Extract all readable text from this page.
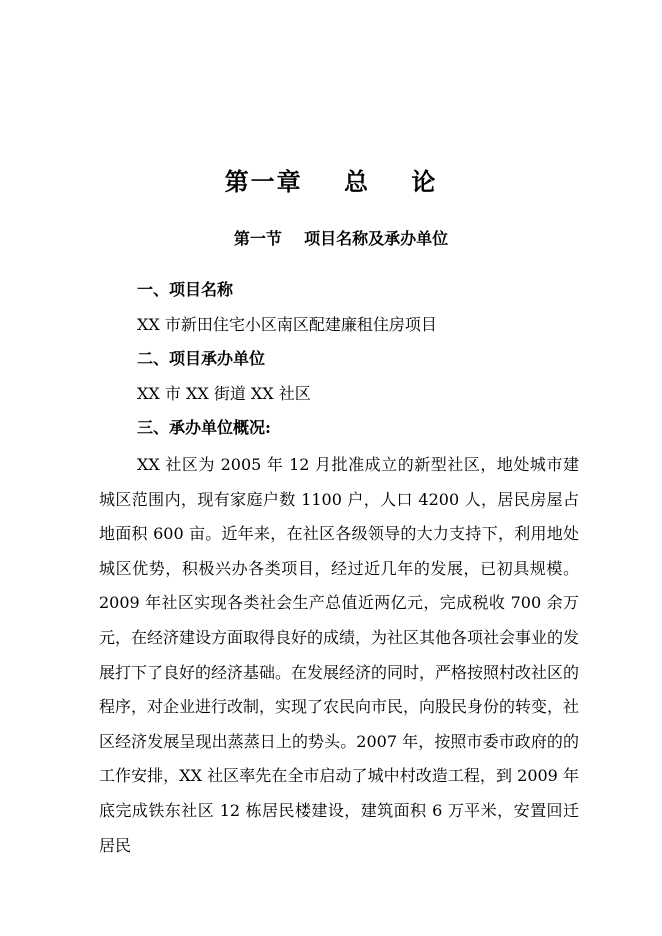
第一章    总    论
第一节    项目名称及承办单位
一、项目名称
XX 市新田住宅小区南区配建廉租住房项目
二、项目承办单位
XX 市 XX 街道 XX 社区
三、承办单位概况:

XX 社区为 2005 年 12 月批准成立的新型社区，地处城市建城区范围内，现有家庭户数 1100 户，人口 4200 人，居民房屋占地面积 600 亩。近年来，在社区各级领导的大力支持下，利用地处城区优势，积极兴办各类项目，经过近几年的发展，已初具规模。2009 年社区实现各类社会生产总值近两亿元，完成税收 700 余万元，在经济建设方面取得良好的成绩，为社区其他各项社会事业的发展打下了良好的经济基础。在发展经济的同时，严格按照村改社区的程序，对企业进行改制，实现了农民向市民，向股民身份的转变，社区经济发展呈现出蒸蒸日上的势头。2007 年，按照市委市政府的的工作安排，XX 社区率先在全市启动了城中村改造工程，到 2009 年底完成铁东社区 12 栋居民楼建设，建筑面积 6 万平米，安置回迁居民
